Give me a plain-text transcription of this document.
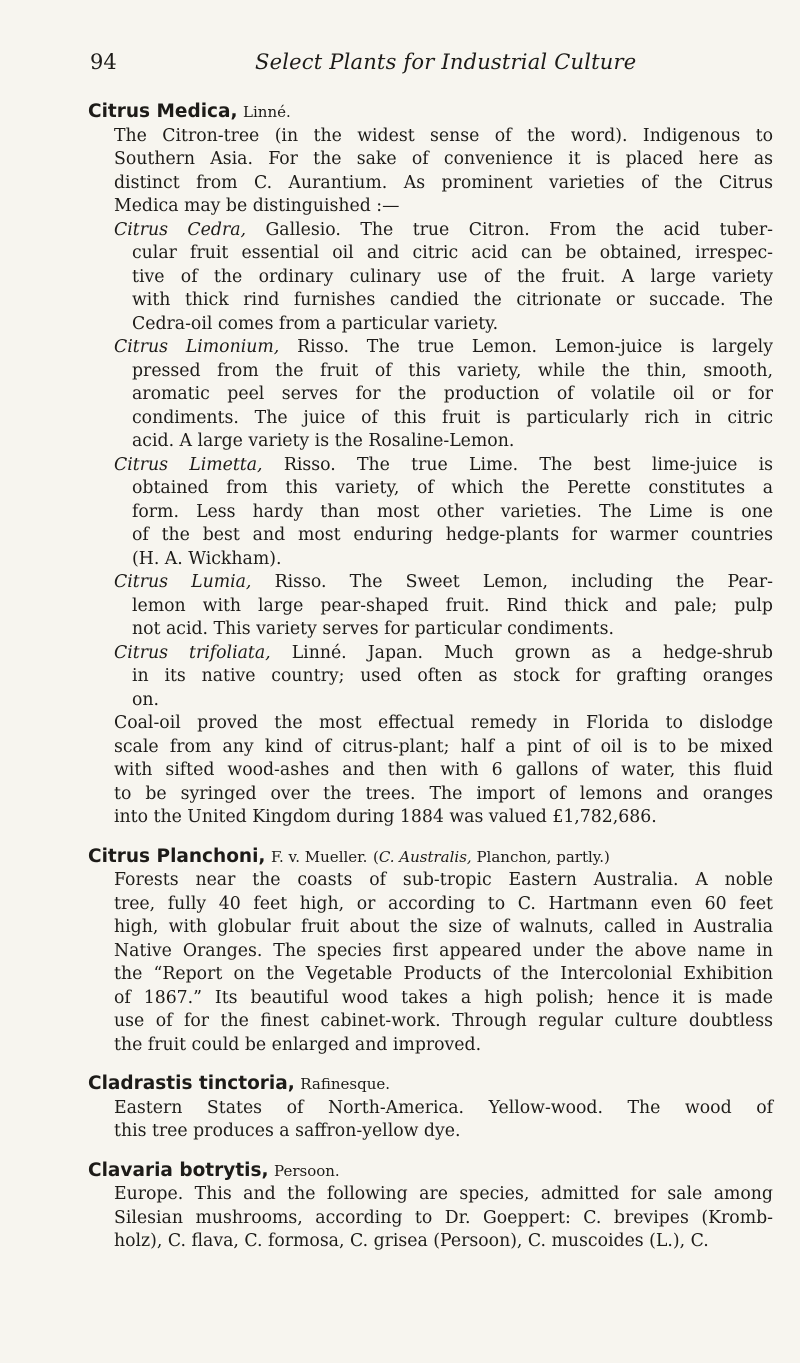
94	Select Plants for Industrial Culture
Citrus Medica, Linné.
The Citron-tree (in the widest sense of the word). Indigenous to
Southern Asia. For the sake of convenience it is placed here as
distinct from C. Aurantium. As prominent varieties of the Citrus
Medica may be distinguished :—
Citrus Cedra, Gallesio. The true Citron. From the acid tuber-
cular fruit essential oil and citric acid can be obtained, irrespec-
tive of the ordinary culinary use of the fruit. A large variety
with thick rind furnishes candied the citrionate or succade. The
Cedra-oil comes from a particular variety.
Citrus Limonium, Risso. The true Lemon. Lemon-juice is largely
pressed from the fruit of this variety, while the thin, smooth,
aromatic peel serves for the production of volatile oil or for
condiments. The juice of this fruit is particularly rich in citric
acid. A large variety is the Rosaline-Lemon.
Citrus Limetta, Risso. The true Lime. The best lime-juice is
obtained from this variety, of which the Perette constitutes a
form. Less hardy than most other varieties. The Lime is one
of the best and most enduring hedge-plants for warmer countries
(H. A. Wickham).
Citrus Lumia, Risso. The Sweet Lemon, including the Pear-
lemon with large pear-shaped fruit. Rind thick and pale; pulp
not acid. This variety serves for particular condiments.
Citrus trifoliata, Linné. Japan. Much grown as a hedge-shrub
in its native country; used often as stock for grafting oranges
on.
Coal-oil proved the most effectual remedy in Florida to dislodge
scale from any kind of citrus-plant; half a pint of oil is to be mixed
with sifted wood-ashes and then with 6 gallons of water, this fluid
to be syringed over the trees. The import of lemons and oranges
into the United Kingdom during 1884 was valued £1,782,686.
Citrus Planchoni, F. v. Mueller. (C. Australis, Planchon, partly.)
Forests near the coasts of sub-tropic Eastern Australia. A noble
tree, fully 40 feet high, or according to C. Hartmann even 60 feet
high, with globular fruit about the size of walnuts, called in Australia
Native Oranges. The species first appeared under the above name in
the “Report on the Vegetable Products of the Intercolonial Exhibition
of 1867.” Its beautiful wood takes a high polish; hence it is made
use of for the finest cabinet-work. Through regular culture doubtless
the fruit could be enlarged and improved.
Cladrastis tinctoria, Rafinesque.
Eastern States of North-America. Yellow-wood. The wood of
this tree produces a saffron-yellow dye.
Clavaria botrytis, Persoon.
Europe. This and the following are species, admitted for sale among
Silesian mushrooms, according to Dr. Goeppert: C. brevipes (Kromb-
holz), C. flava, C. formosa, C. grisea (Persoon), C. muscoides (L.), C.
